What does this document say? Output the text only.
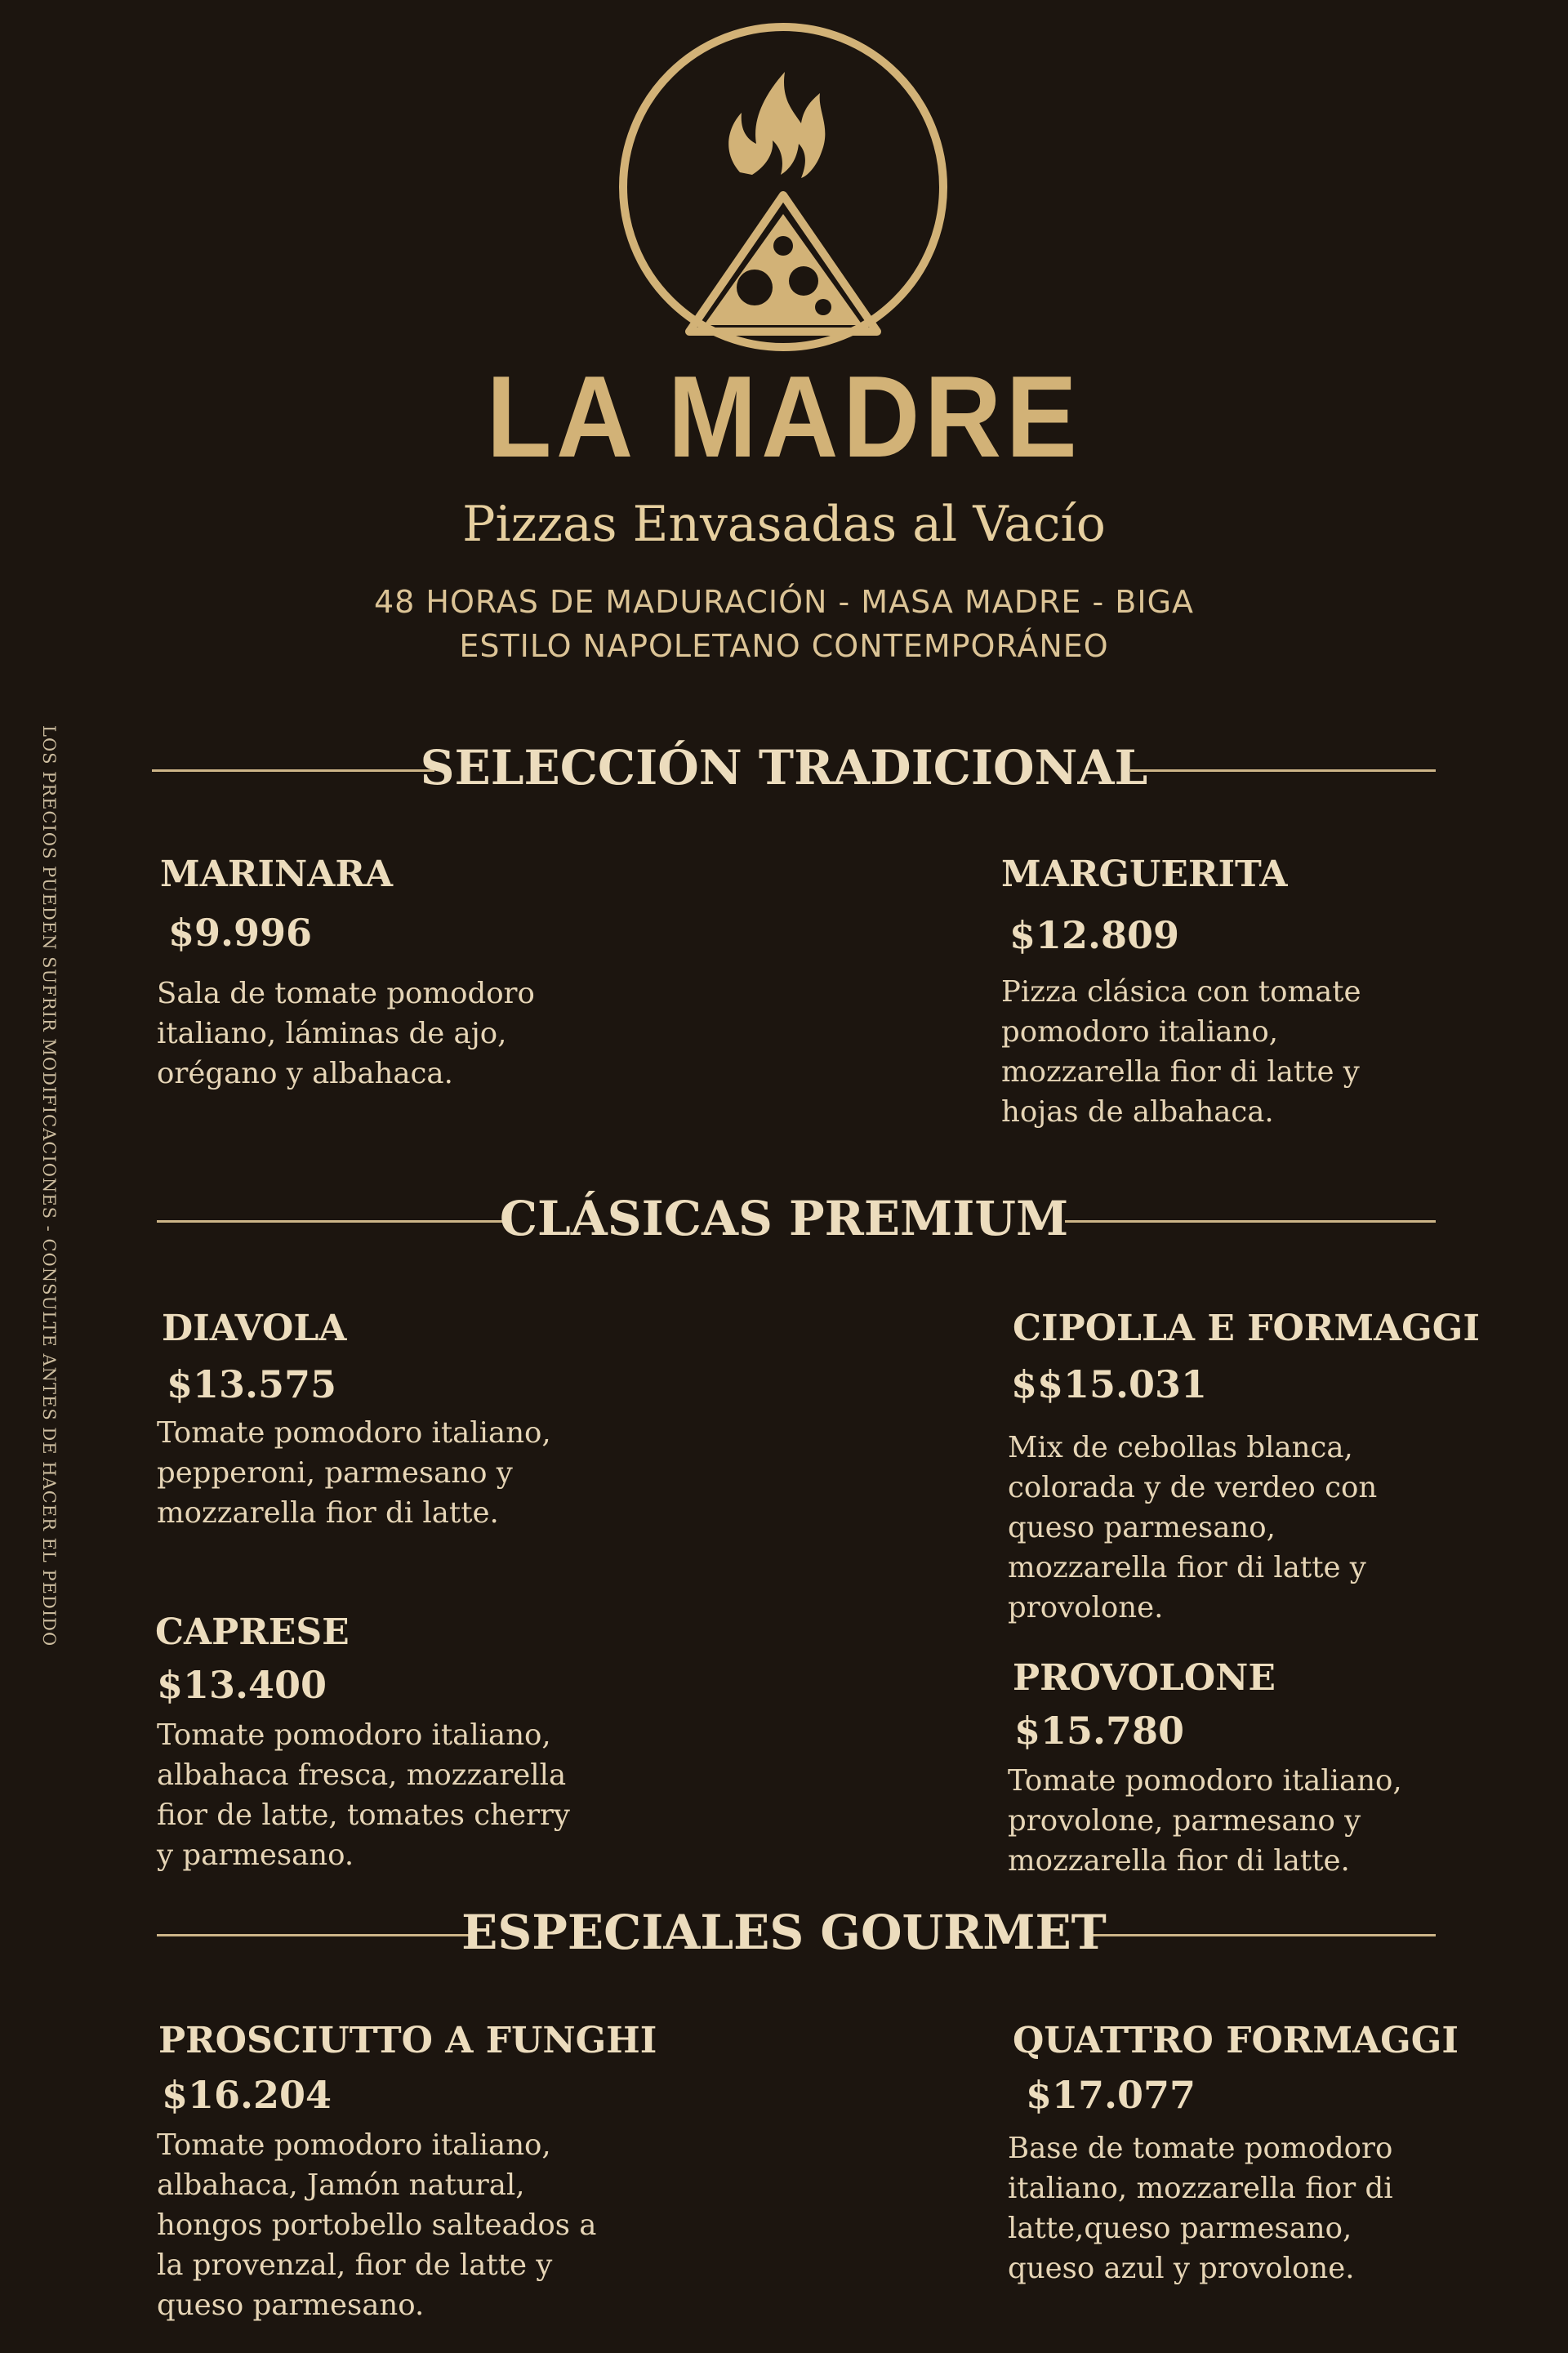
LA MADRE
Pizzas Envasadas al Vacío
48 HORAS DE MADURACIÓN - MASA MADRE - BIGA
ESTILO NAPOLETANO CONTEMPORÁNEO
LOS PRECIOS PUEDEN SUFRIR MODIFICACIONES - CONSULTE ANTES DE HACER EL PEDIDO	SELECCIÓN TRADICIONAL
MARINARA
$9.996
Sala de tomate pomodoro italiano, láminas de ajo, orégano y albahaca.
MARGUERITA
$12.809
Pizza clásica con tomate pomodoro italiano, mozzarella fior di latte y hojas de albahaca.
CLÁSICAS PREMIUM
DIAVOLA
$13.575
Tomate pomodoro italiano, pepperoni, parmesano y mozzarella fior di latte.
CIPOLLA E FORMAGGI
$$15.031
Mix de cebollas blanca, colorada y de verdeo con queso parmesano, mozzarella fior di latte y provolone.
CAPRESE
$13.400
Tomate pomodoro italiano, albahaca fresca, mozzarella fior de latte, tomates cherry y parmesano.
PROVOLONE
$15.780
Tomate pomodoro italiano, provolone, parmesano y mozzarella fior di latte.
ESPECIALES GOURMET
PROSCIUTTO A FUNGHI
$16.204
Tomate pomodoro italiano, albahaca, Jamón natural, hongos portobello salteados a la provenzal, fior de latte y queso parmesano.
QUATTRO FORMAGGI
$17.077
Base de tomate pomodoro italiano, mozzarella fior di latte,queso parmesano, queso azul y provolone.
